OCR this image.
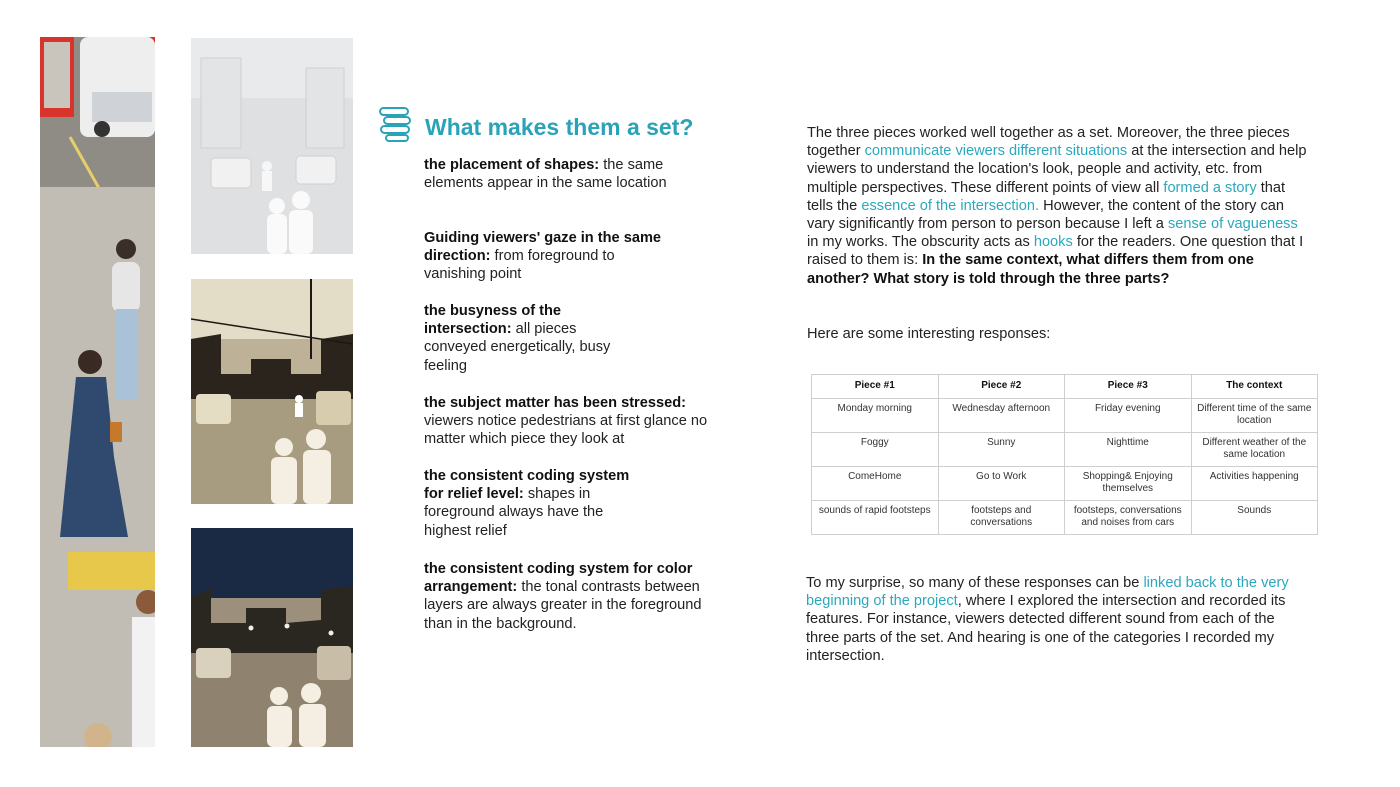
What makes them a set?
the placement of shapes: the same elements appear in the same location
Guiding viewers' gaze in the same direction: from foreground to vanishing point
the busyness of the intersection: all pieces conveyed energetically, busy feeling
the subject matter has been stressed: viewers notice pedestrians at first glance no matter which piece they look at
the consistent coding system for relief level: shapes in foreground always have the highest relief
the consistent coding system for color arrangement: the tonal contrasts between layers are always greater in the foreground than in the background.
The three pieces worked well together as a set. Moreover, the three pieces together communicate viewers different situations at the intersection and help viewers to understand the location's look, people and activity, etc. from multiple perspectives. These different points of view all formed a story that tells the essence of the intersection. However, the content of the story can vary significantly from person to person because I left a sense of vagueness in my works. The obscurity acts as hooks for the readers. One question that I raised to them is: In the same context, what differs them from one another? What story is told through the three parts?
Here are some interesting responses:
Piece #1	Piece #2	Piece #3	The context
Monday morning	Wednesday afternoon	Friday evening	Different time of the same location
Foggy	Sunny	Nighttime	Different weather of the same location
ComeHome	Go to Work	Shopping& Enjoying themselves	Activities happening
sounds of rapid footsteps	footsteps and conversations	footsteps, conversations and noises from cars	Sounds
To my surprise, so many of these responses can be linked back to the very beginning of the project, where I explored the intersection and recorded its features. For instance, viewers detected different sound from each of the three parts of the set. And hearing is one of the categories I recorded my intersection.
